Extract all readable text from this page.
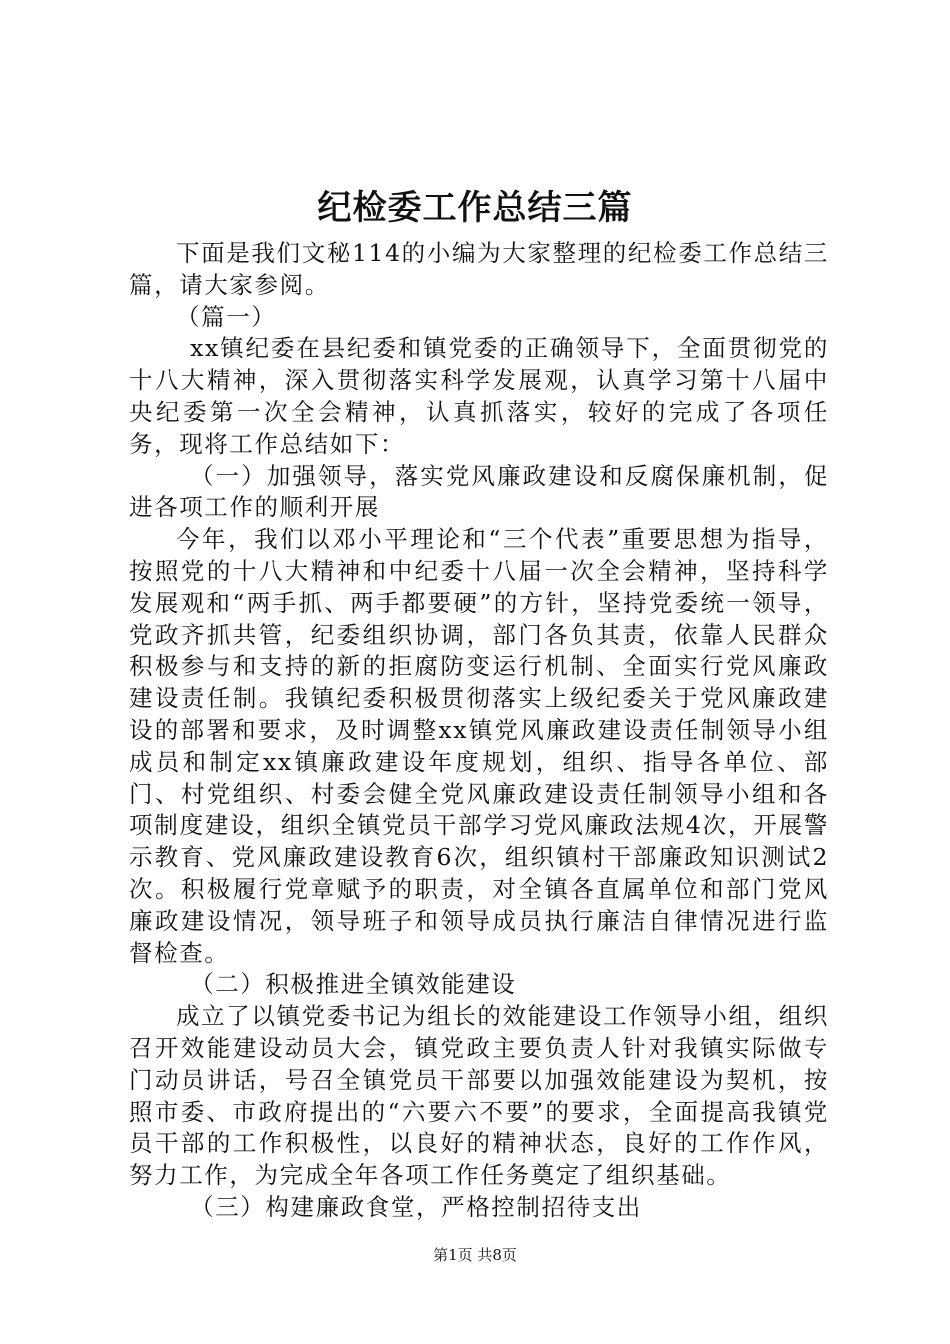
纪检委工作总结三篇

下面是我们文秘114的小编为大家整理的纪检委工作总结三篇，请大家参阅。

（篇一）

xx镇纪委在县纪委和镇党委的正确领导下，全面贯彻党的十八大精神，深入贯彻落实科学发展观，认真学习第十八届中央纪委第一次全会精神，认真抓落实，较好的完成了各项任务，现将工作总结如下：

（一）加强领导，落实党风廉政建设和反腐保廉机制，促进各项工作的顺利开展

今年，我们以邓小平理论和“三个代表”重要思想为指导，按照党的十八大精神和中纪委十八届一次全会精神，坚持科学发展观和“两手抓、两手都要硬”的方针，坚持党委统一领导，党政齐抓共管，纪委组织协调，部门各负其责，依靠人民群众积极参与和支持的新的拒腐防变运行机制、全面实行党风廉政建设责任制。我镇纪委积极贯彻落实上级纪委关于党风廉政建设的部署和要求，及时调整xx镇党风廉政建设责任制领导小组成员和制定xx镇廉政建设年度规划，组织、指导各单位、部门、村党组织、村委会健全党风廉政建设责任制领导小组和各项制度建设，组织全镇党员干部学习党风廉政法规4次，开展警示教育、党风廉政建设教育6次，组织镇村干部廉政知识测试2次。积极履行党章赋予的职责，对全镇各直属单位和部门党风廉政建设情况，领导班子和领导成员执行廉洁自律情况进行监督检查。

（二）积极推进全镇效能建设

成立了以镇党委书记为组长的效能建设工作领导小组，组织召开效能建设动员大会，镇党政主要负责人针对我镇实际做专门动员讲话，号召全镇党员干部要以加强效能建设为契机，按照市委、市政府提出的“六要六不要”的要求，全面提高我镇党员干部的工作积极性，以良好的精神状态，良好的工作作风，努力工作，为完成全年各项工作任务奠定了组织基础。

（三）构建廉政食堂，严格控制招待支出

第1页 共8页
